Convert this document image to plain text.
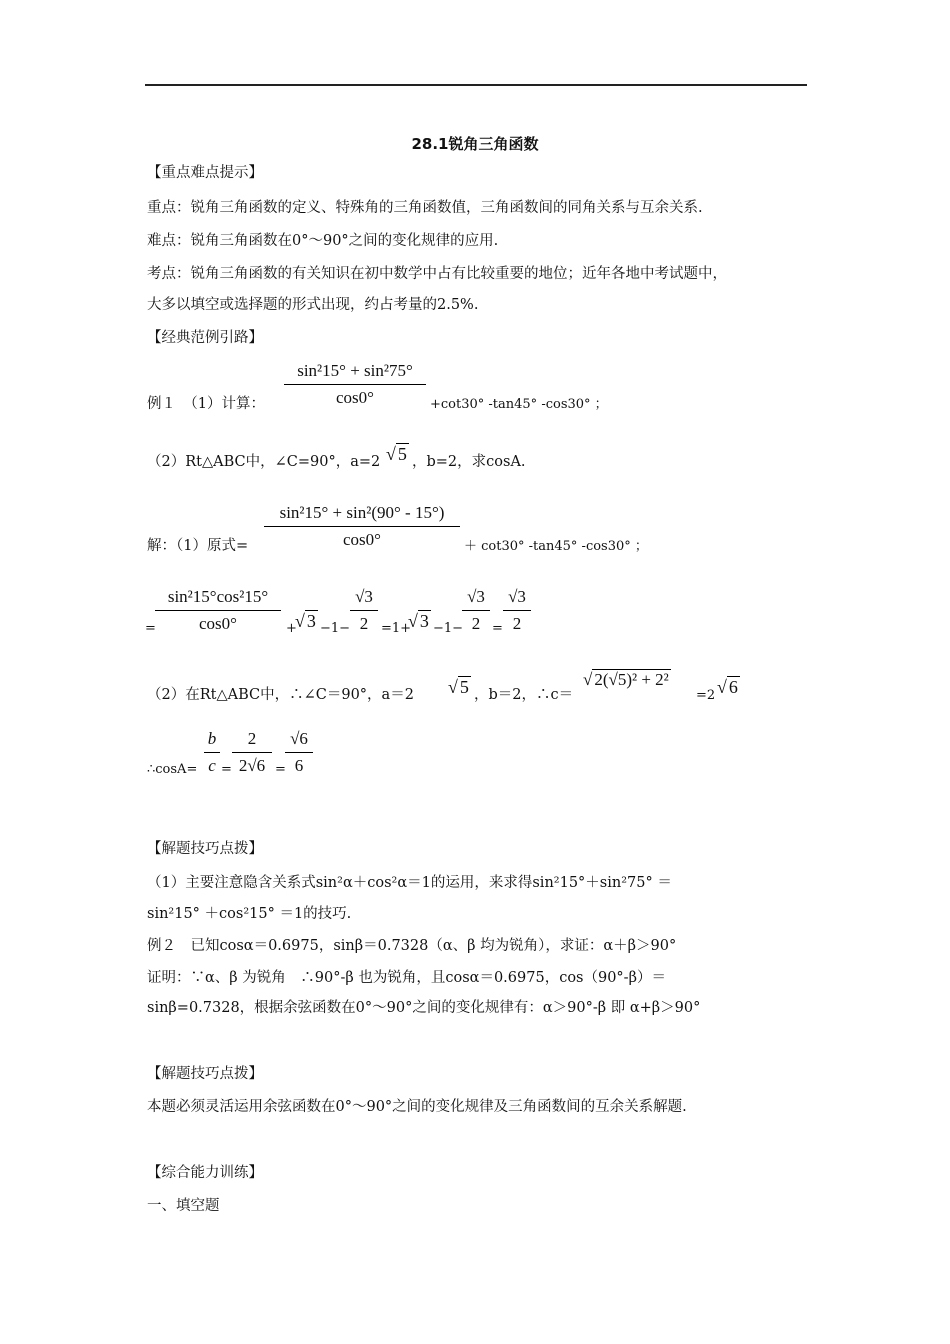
28.1锐角三角函数
【重点难点提示】
重点：锐角三角函数的定义、特殊角的三角函数值，三角函数间的同角关系与互余关系.
难点：锐角三角函数在0°～90°之间的变化规律的应用.
考点：锐角三角函数的有关知识在初中数学中占有比较重要的地位；近年各地中考试题中，
大多以填空或选择题的形式出现，约占考量的2.5%.
【经典范例引路】
例１　（1）计算：
sin²15° + sin²75°
cos0°	+cot30° -tan45° -cos30° ；
（2）Rt△ABC中，∠C=90°，a=2 √ 5 ，b=2，求cosA.
解：（1）原式=
sin²15° + sin²(90° - 15°)
cos0°	＋ cot30° -tan45° -cos30° ；
=
sin²15°cos²15°
cos0°	+
√ 3 −1−
√3
2 =1+
√ 3 −1−
√3
2 =
√3
2
（2）在Rt△ABC中，∴∠C＝90°，a＝2 √ 5 ，b＝2，∴c＝
√ 2(√5)² + 2²
=2 √ 6
∴cosA=
b
c
2
2√6
=	=
√6
6
【解题技巧点拨】
（1）主要注意隐含关系式sin²α＋cos²α＝1的运用，来求得sin²15°＋sin²75° ＝
sin²15° ＋cos²15° ＝1的技巧.
例２　已知cosα＝0.6975，sinβ＝0.7328（α、β 均为锐角），求证：α＋β＞90°
证明：∵α、β 为锐角　∴90°-β 也为锐角，且cosα＝0.6975，cos（90°-β）＝
sinβ=0.7328，根据余弦函数在0°～90°之间的变化规律有：α＞90°-β 即 α+β＞90°
【解题技巧点拨】
本题必须灵活运用余弦函数在0°～90°之间的变化规律及三角函数间的互余关系解题.
【综合能力训练】
一、填空题
